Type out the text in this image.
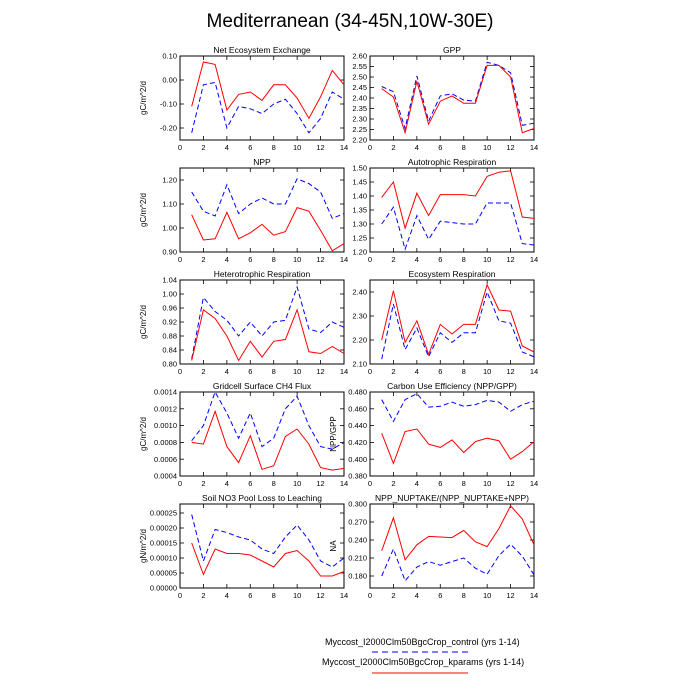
Mediterranean (34-45N,10W-30E)
Net Ecosystem Exchange
0	2	4	6	8 10 12 14
-0.20
-0.10
0.00
0.10
gC/m^2/d
GPP
0	2	4	6	8 10 12 14
2.20
2.25
2.30
2.35
2.40
2.45
2.50
2.55
2.60
NPP
0	2	4	6	8 10 12 14
0.90
1.00
1.10
1.20
gC/m^2/d
Autotrophic Respiration
0	2	4	6	8 10 12 14
1.20
1.25
1.30
1.35
1.40
1.45
1.50
Heterotrophic Respiration
0	2	4	6	8 10 12 14
0.80
0.84
0.88
0.92
0.96
1.00
1.04
gC/m^2/d
Ecosystem Respiration
0	2	4	6	8 10 12 14
2.10
2.20
2.30
2.40
Gridcell Surface CH4 Flux
0	2	4	6	8 10 12 14
0.0004
0.0006
0.0008
0.0010
0.0012
0.0014
gC/m^2/d
Carbon Use Efficiency (NPP/GPP)
0	2	4	6	8 10 12 14
0.380
0.400
0.420
0.440
0.460
0.480
NPP/GPP
Soil NO3 Pool Loss to Leaching
0	2	4	6	8 10 12 14
0.00000
0.00005
0.00010
0.00015
0.00020
0.00025
gN/m^2/d
NPP_NUPTAKE/(NPP_NUPTAKE+NPP)
0	2	4	6	8 10 12 14
0.180
0.210
0.240
0.270
0.300
NA
Myccost_I2000Clm50BgcCrop_control (yrs 1-14)
Myccost_I2000Clm50BgcCrop_kparams (yrs 1-14)
